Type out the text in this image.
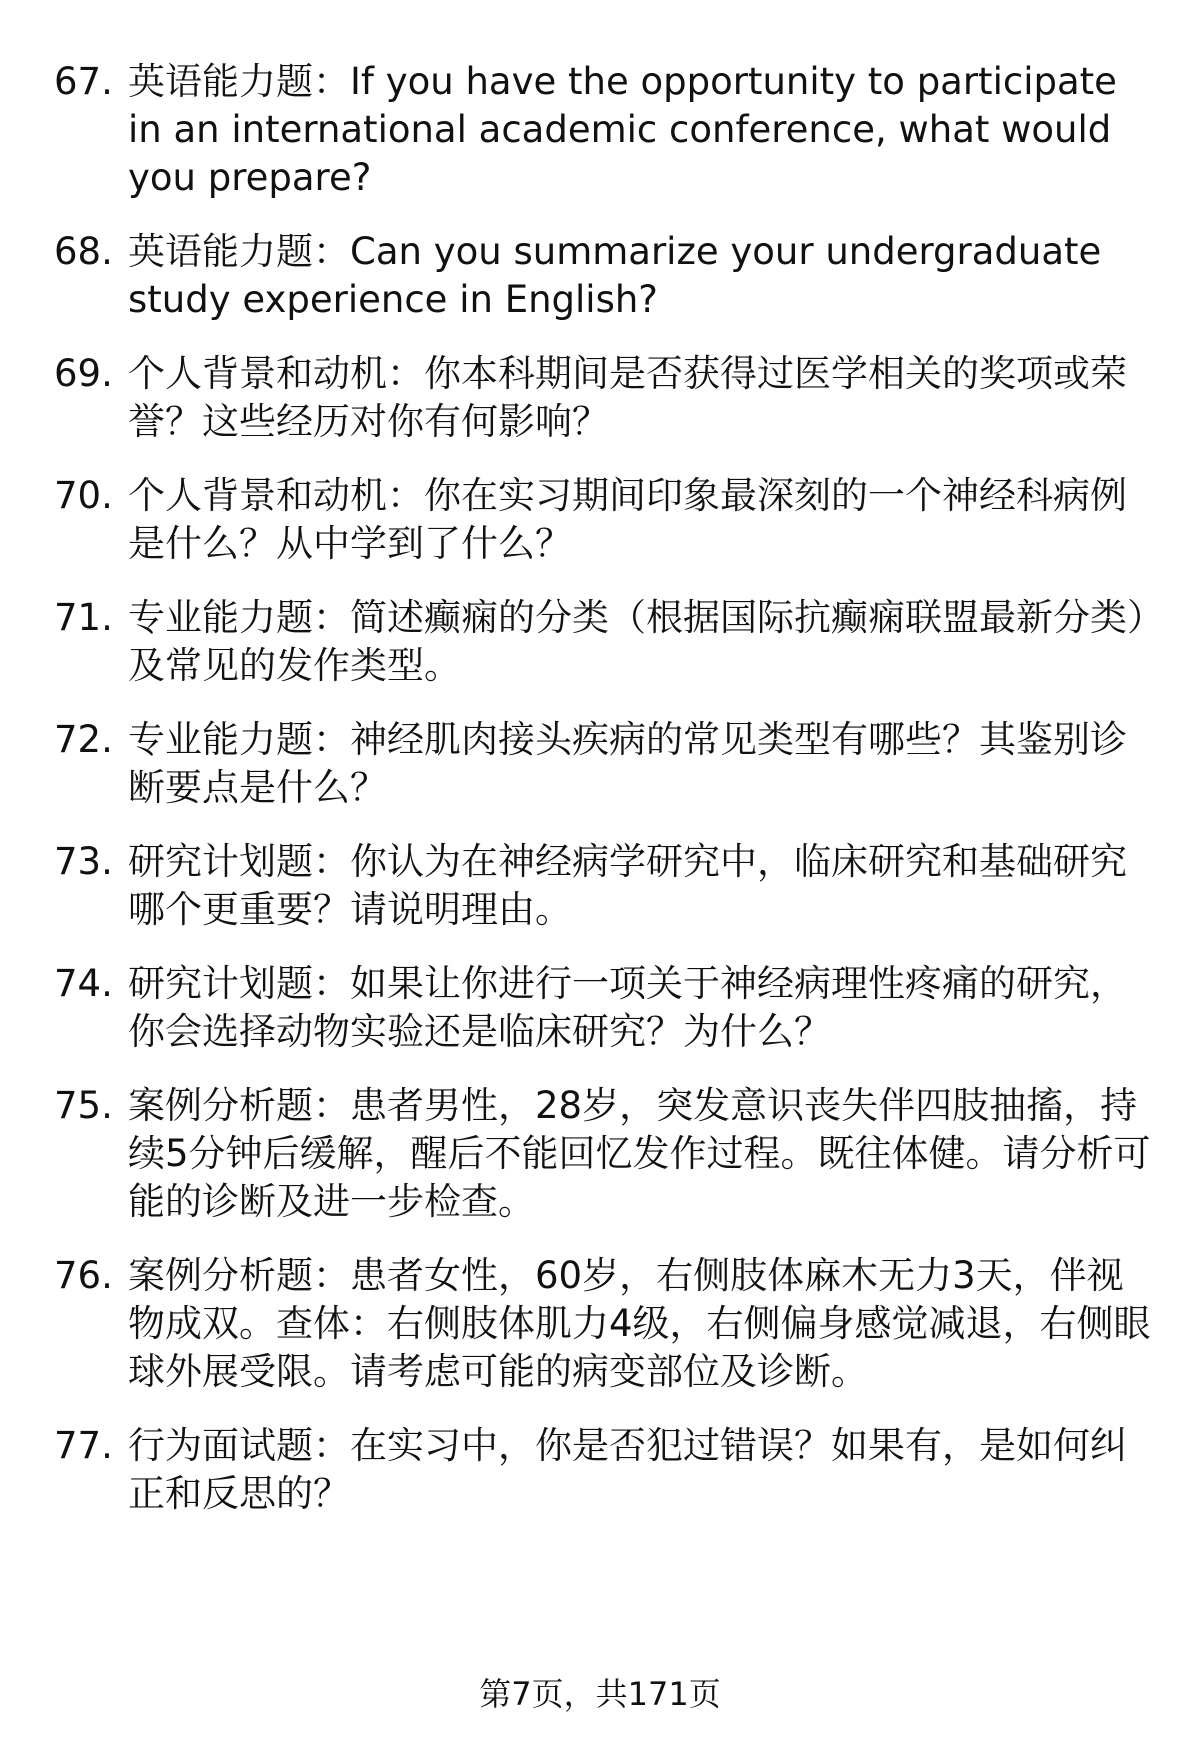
67. 英语能力题：If you have the opportunity to participate in an international academic conference, what would you prepare?
68. 英语能力题：Can you summarize your undergraduate study experience in English?
69. 个人背景和动机：你本科期间是否获得过医学相关的奖项或荣誉？这些经历对你有何影响？
70. 个人背景和动机：你在实习期间印象最深刻的一个神经科病例是什么？从中学到了什么？
71. 专业能力题：简述癫痫的分类（根据国际抗癫痫联盟最新分类）及常见的发作类型。
72. 专业能力题：神经肌肉接头疾病的常见类型有哪些？其鉴别诊断要点是什么？
73. 研究计划题：你认为在神经病学研究中，临床研究和基础研究哪个更重要？请说明理由。
74. 研究计划题：如果让你进行一项关于神经病理性疼痛的研究，你会选择动物实验还是临床研究？为什么？
75. 案例分析题：患者男性，28岁，突发意识丧失伴四肢抽搐，持续5分钟后缓解，醒后不能回忆发作过程。既往体健。请分析可能的诊断及进一步检查。
76. 案例分析题：患者女性，60岁，右侧肢体麻木无力3天，伴视物成双。查体：右侧肢体肌力4级，右侧偏身感觉减退，右侧眼球外展受限。请考虑可能的病变部位及诊断。
77. 行为面试题：在实习中，你是否犯过错误？如果有，是如何纠正和反思的？
第7页，共171页
